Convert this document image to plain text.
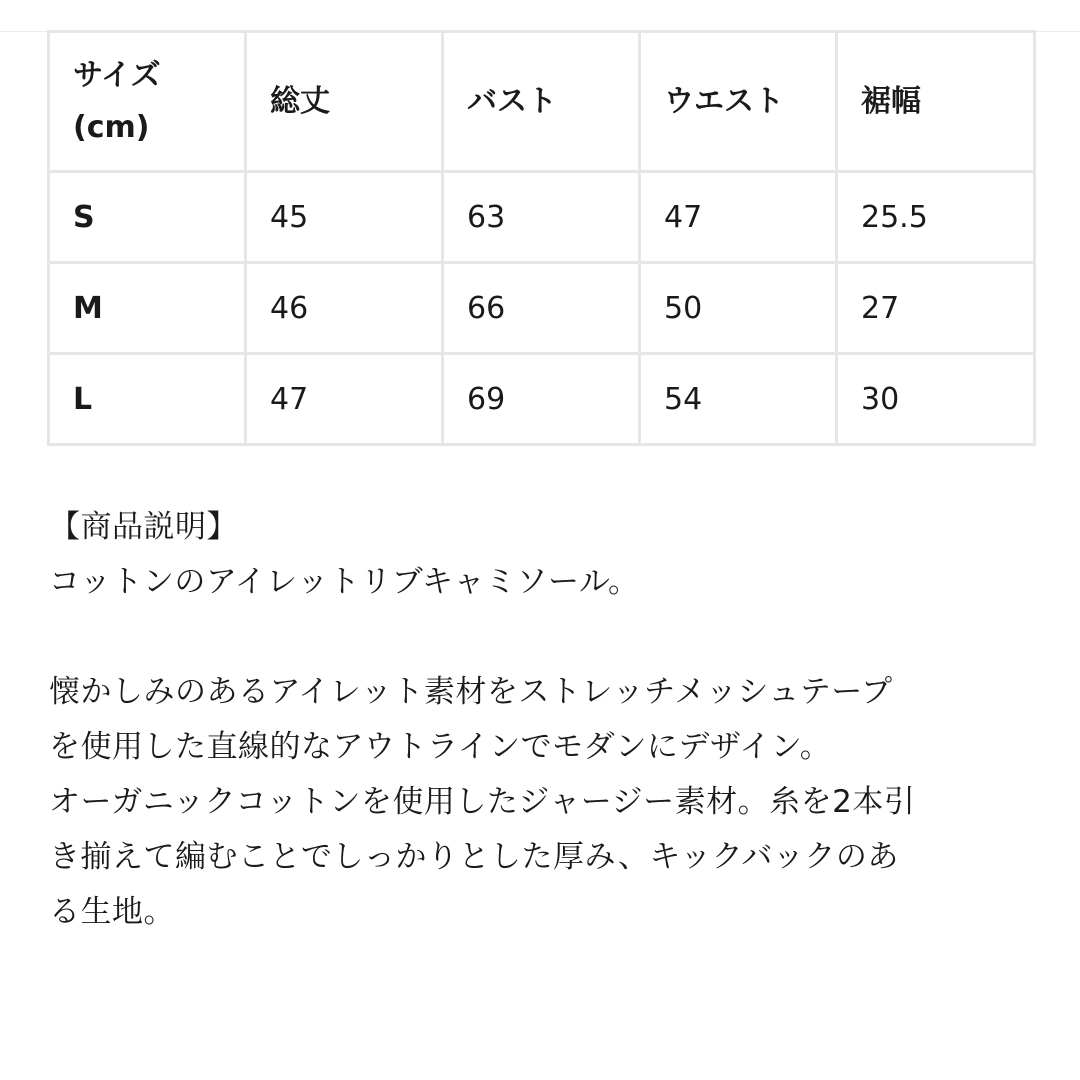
サイズ
(cm)	総丈	バスト	ウエスト	裾幅
S	45	63	47	25.5
M	46	66	50	27
L	47	69	54	30

【商品説明】

コットンのアイレットリブキャミソール。

懐かしみのあるアイレット素材をストレッチメッシュテープ

を使用した直線的なアウトラインでモダンにデザイン。

オーガニックコットンを使用したジャージー素材。糸を2本引

き揃えて編むことでしっかりとした厚み、キックバックのあ

る生地。
